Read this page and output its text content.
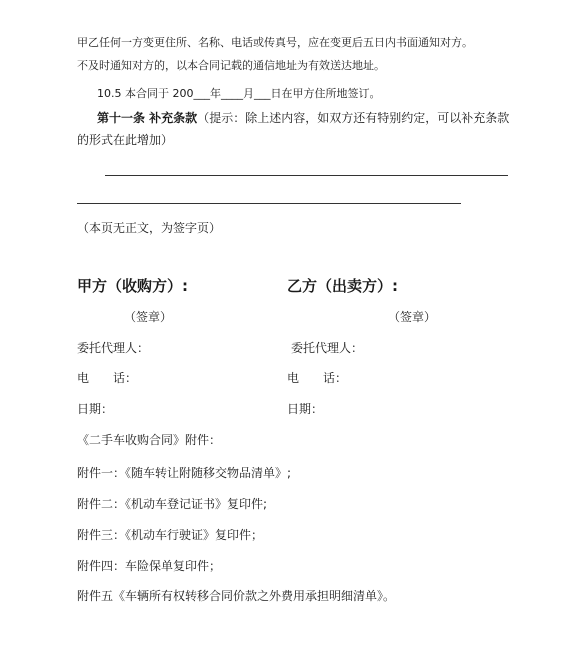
甲乙任何一方变更住所、名称、电话或传真号，应在变更后五日内书面通知对方。
不及时通知对方的，以本合同记载的通信地址为有效送达地址。
10.5 本合同于 200___年____月___日在甲方住所地签订。
第十一条 补充条款（提示：除上述内容，如双方还有特别约定，可以补充条款
的形式在此增加）
（本页无正文，为签字页）
甲方（收购方）:
（签章）
委托代理人：
电　　话：
日期：
乙方（出卖方）:
（签章）
委托代理人：
电　　话：
日期：
《二手车收购合同》附件：
附件一：《随车转让附随移交物品清单》;
附件二：《机动车登记证书》复印件;
附件三：《机动车行驶证》复印件；
附件四：车险保单复印件；
附件五《车辆所有权转移合同价款之外费用承担明细清单》。
